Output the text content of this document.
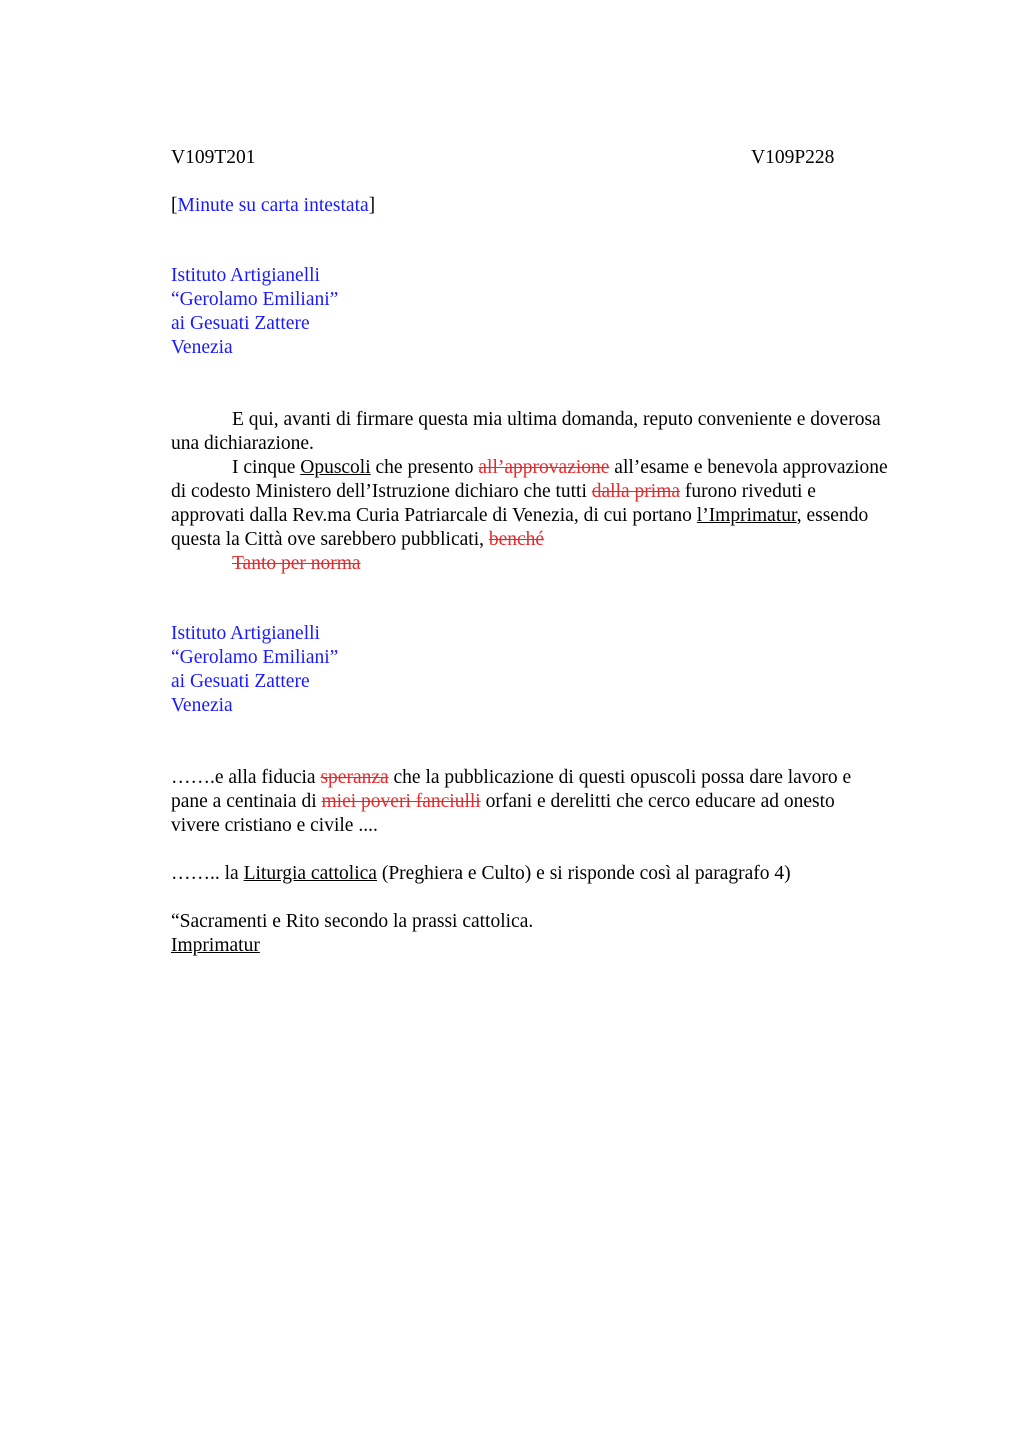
V109T201	V109P228
[Minute su carta intestata]
Istituto Artigianelli
“Gerolamo Emiliani”
ai Gesuati Zattere
Venezia
E qui, avanti di firmare questa mia ultima domanda, reputo conveniente e doverosa
una dichiarazione.
I cinque Opuscoli che presento all’approvazione all’esame e benevola approvazione
di codesto Ministero dell’Istruzione dichiaro che tutti dalla prima furono riveduti e
approvati dalla Rev.ma Curia Patriarcale di Venezia, di cui portano l’Imprimatur, essendo
questa la Città ove sarebbero pubblicati, benché
Tanto per norma
Istituto Artigianelli
“Gerolamo Emiliani”
ai Gesuati Zattere
Venezia
…….e alla fiducia speranza che la pubblicazione di questi opuscoli possa dare lavoro e
pane a centinaia di miei poveri fanciulli orfani e derelitti che cerco educare ad onesto
vivere cristiano e civile ....
…….. la Liturgia cattolica (Preghiera e Culto) e si risponde così al paragrafo 4)
“Sacramenti e Rito secondo la prassi cattolica.
Imprimatur
